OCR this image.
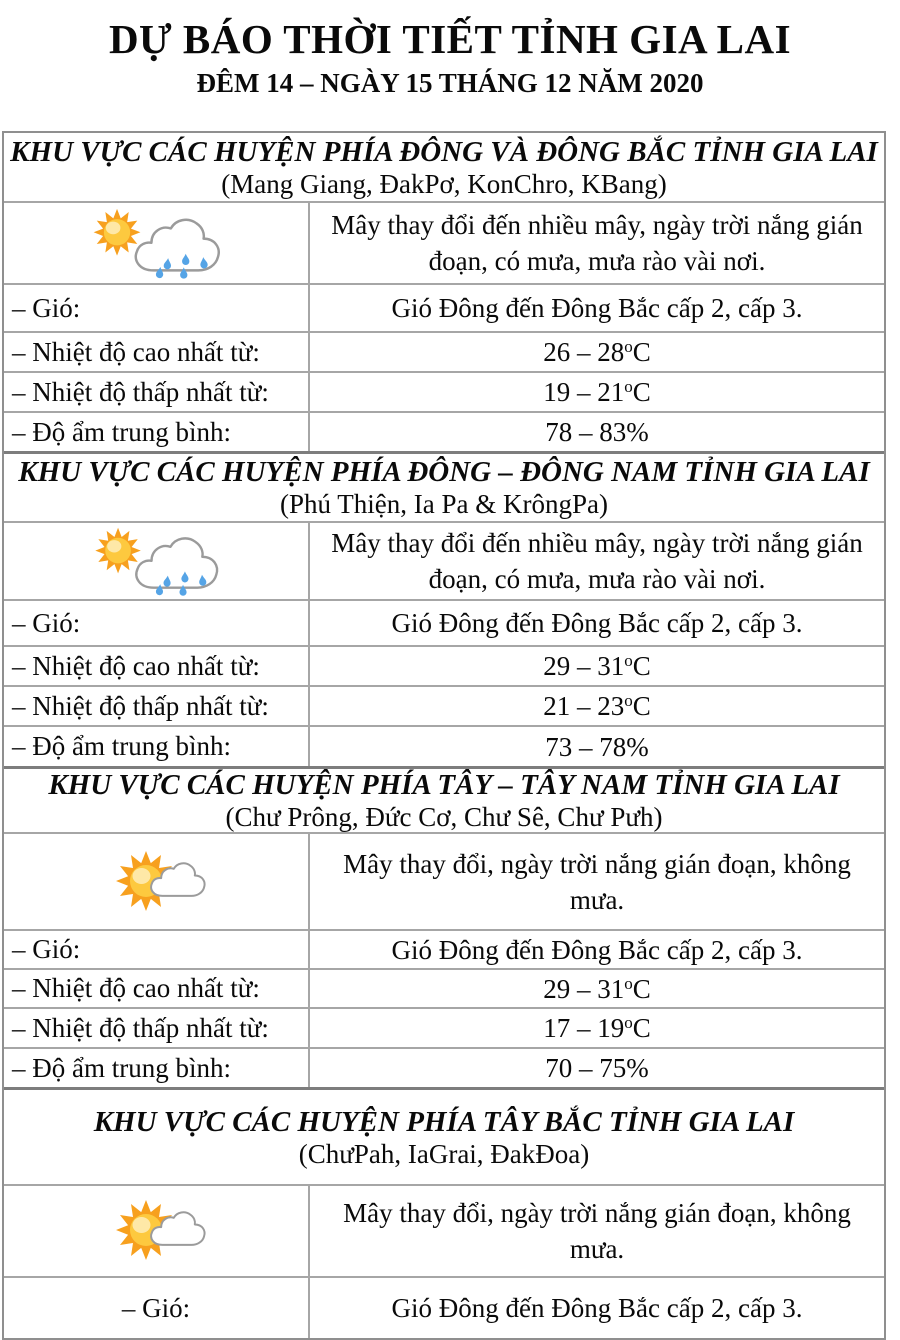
DỰ BÁO THỜI TIẾT TỈNH GIA LAI
ĐÊM 14 – NGÀY 15 THÁNG 12 NĂM 2020
KHU VỰC CÁC HUYỆN PHÍA ĐÔNG VÀ ĐÔNG BẮC TỈNH GIA LAI
(Mang Giang, ĐakPơ, KonChro, KBang)
Mây thay đổi đến nhiều mây, ngày trời nắng gián đoạn, có mưa, mưa rào vài nơi.
– Gió:	Gió Đông đến Đông Bắc cấp 2, cấp 3.
– Nhiệt độ cao nhất từ:	26 – 28$^o$C
– Nhiệt độ thấp nhất từ:	19 – 21$^o$C
– Độ ẩm trung bình:	78 – 83%
KHU VỰC CÁC HUYỆN PHÍA ĐÔNG – ĐÔNG NAM TỈNH GIA LAI
(Phú Thiện, Ia Pa & KrôngPa)
Mây thay đổi đến nhiều mây, ngày trời nắng gián đoạn, có mưa, mưa rào vài nơi.
– Gió:	Gió Đông đến Đông Bắc cấp 2, cấp 3.
– Nhiệt độ cao nhất từ:	29 – 31$^o$C
– Nhiệt độ thấp nhất từ:	21 – 23$^o$C
– Độ ẩm trung bình:	73 – 78%
KHU VỰC CÁC HUYỆN PHÍA TÂY – TÂY NAM TỈNH GIA LAI
(Chư Prông, Đức Cơ, Chư Sê, Chư Pưh)
Mây thay đổi, ngày trời nắng gián đoạn, không mưa.
– Gió:	Gió Đông đến Đông Bắc cấp 2, cấp 3.
– Nhiệt độ cao nhất từ:	29 – 31$^o$C
– Nhiệt độ thấp nhất từ:	17 – 19$^o$C
– Độ ẩm trung bình:	70 – 75%
KHU VỰC CÁC HUYỆN PHÍA TÂY BẮC TỈNH GIA LAI
(ChưPah, IaGrai, ĐakĐoa)
Mây thay đổi, ngày trời nắng gián đoạn, không mưa.
– Gió:	Gió Đông đến Đông Bắc cấp 2, cấp 3.
